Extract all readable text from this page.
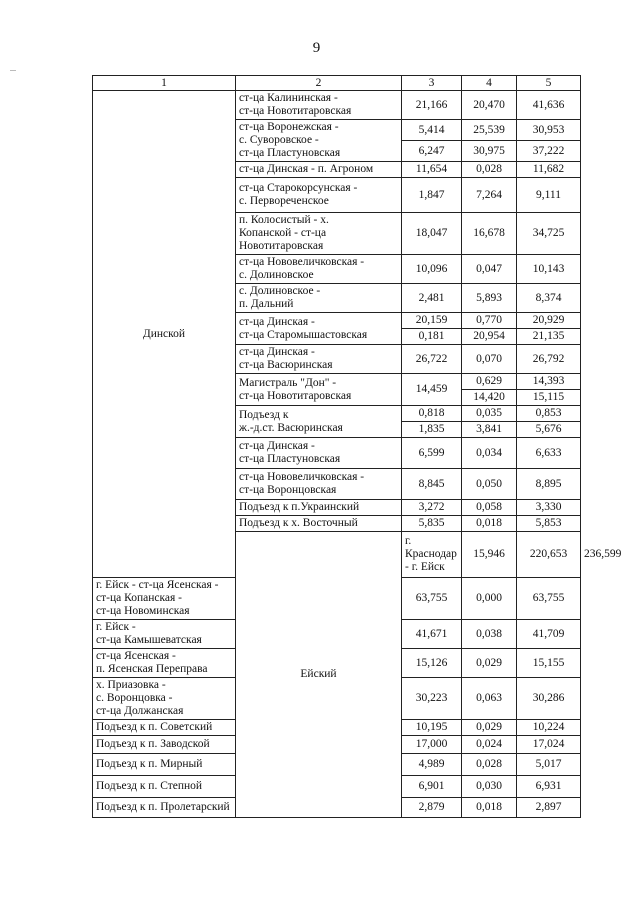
9
1	2	3	4	5	
Динской	ст-ца Калининская -
ст-ца Новотитаровская	21,166	20,470	41,636	
	ст-ца Воронежская -
с. Суворовское -
ст-ца Пластуновская	5,414	25,539	30,953	
		6,247	30,975	37,222	
	ст-ца Динская - п. Агроном	11,654	0,028	11,682	
	ст-ца Старокорсунская -
с. Первореченское	1,847	7,264	9,111	
	п. Колосистый - х.
Копанской - ст-ца
Новотитаровская	18,047	16,678	34,725	
	ст-ца Нововеличковская -
с. Долиновское	10,096	0,047	10,143	
	с. Долиновское -
п. Дальний	2,481	5,893	8,374	
	ст-ца Динская -
ст-ца Старомышастовская	20,159	0,770	20,929	
		0,181	20,954	21,135	
	ст-ца Динская -
ст-ца Васюринская	26,722	0,070	26,792	
	Магистраль "Дон" -
ст-ца Новотитаровская	14,459	0,629	14,393	
			14,420	15,115	
	Подъезд к
ж.-д.ст. Васюринская	0,818	0,035	0,853	
		1,835	3,841	5,676	
	ст-ца Динская -
ст-ца Пластуновская	6,599	0,034	6,633	
	ст-ца Нововеличковская -
ст-ца Воронцовская	8,845	0,050	8,895	
	Подъезд к п.Украинский	3,272	0,058	3,330	
	Подъезд к х. Восточный	5,835	0,018	5,853	
	Ейский	г. Краснодар - г. Ейск	15,946	220,653	236,599
г. Ейск - ст-ца Ясенская -
ст-ца Копанская -
ст-ца Новоминская		63,755	0,000	63,755	
г. Ейск -
ст-ца Камышеватская		41,671	0,038	41,709	
ст-ца Ясенская -
п. Ясенская Переправа		15,126	0,029	15,155	
х. Приазовка -
с. Воронцовка -
ст-ца Должанская		30,223	0,063	30,286	
Подъезд к п. Советский		10,195	0,029	10,224	
Подъезд к п. Заводской		17,000	0,024	17,024	
Подъезд к п. Мирный		4,989	0,028	5,017	
Подъезд к п. Степной		6,901	0,030	6,931	
Подъезд к п. Пролетарский		2,879	0,018	2,897	
